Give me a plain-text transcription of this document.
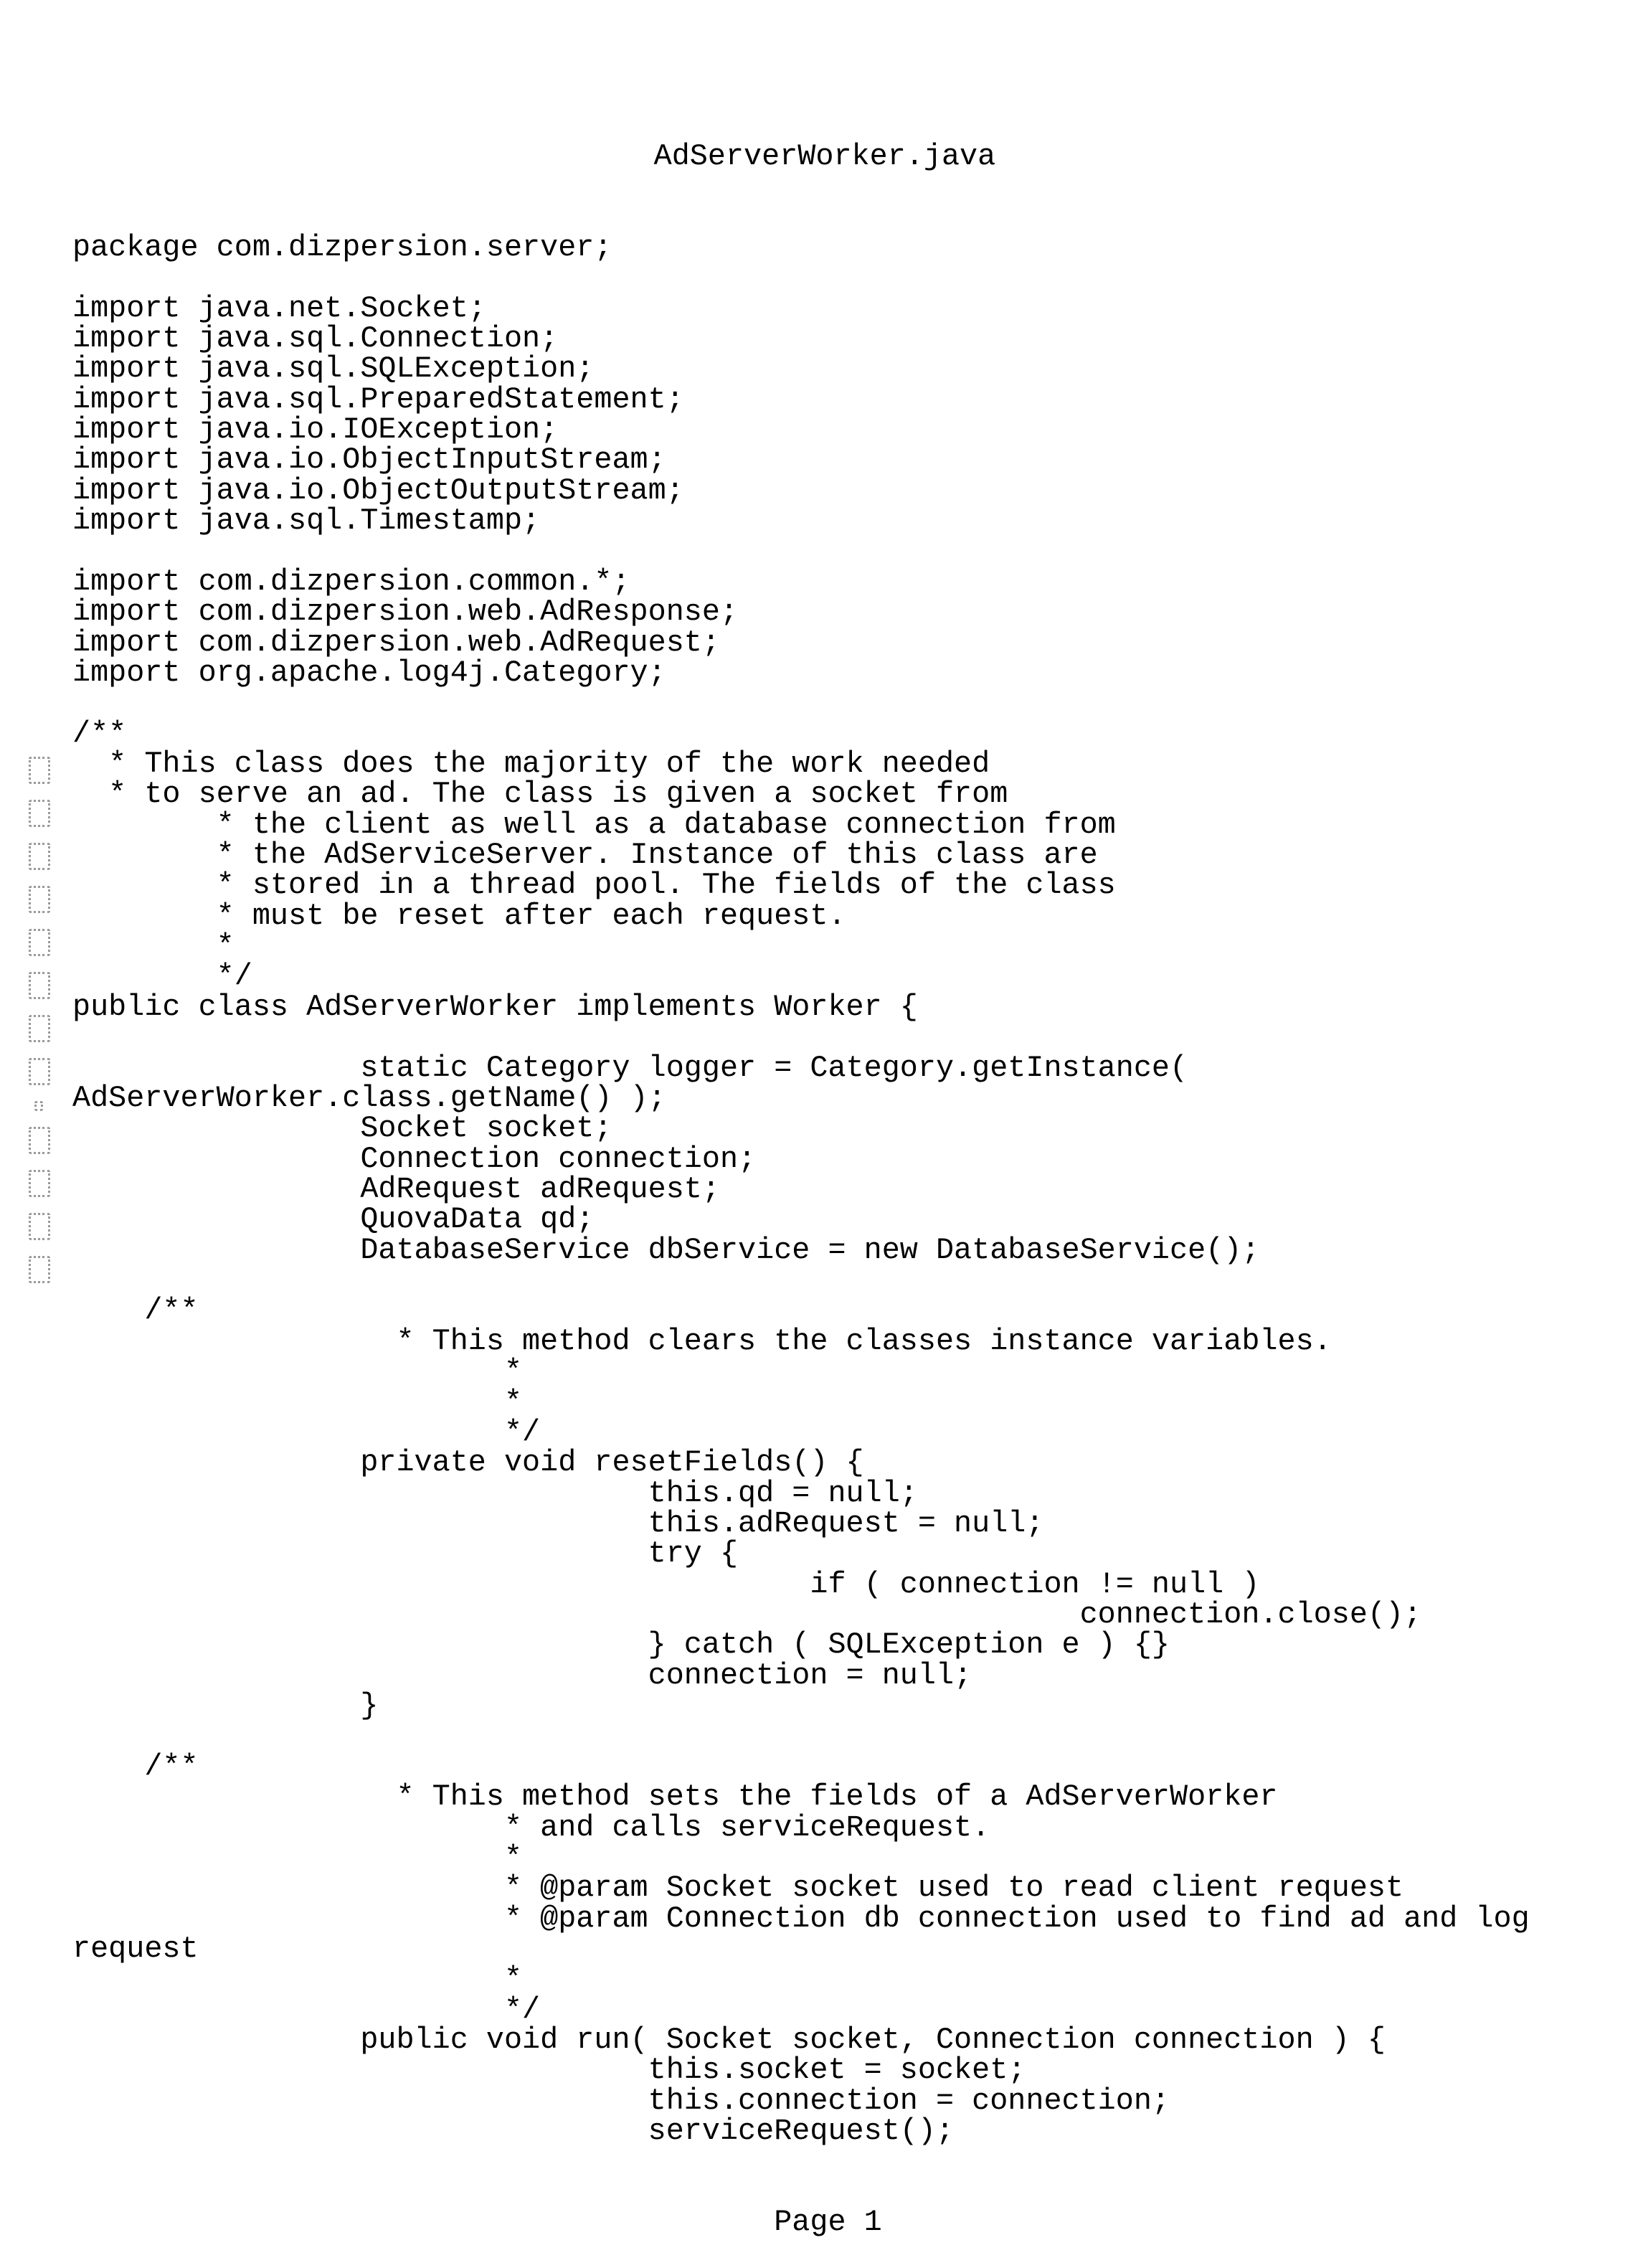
AdServerWorker.java

package com.dizpersion.server;
import java.net.Socket;
import java.sql.Connection;
import java.sql.SQLException;
import java.sql.PreparedStatement;
import java.io.IOException;
import java.io.ObjectInputStream;
import java.io.ObjectOutputStream;
import java.sql.Timestamp;
import com.dizpersion.common.*;
import com.dizpersion.web.AdResponse;
import com.dizpersion.web.AdRequest;
import org.apache.log4j.Category;
/**
* This class does the majority of the work needed
* to serve an ad. The class is given a socket from
* the client as well as a database connection from
* the AdServiceServer. Instance of this class are
* stored in a thread pool. The fields of the class
* must be reset after each request.
*
*/
public class AdServerWorker implements Worker {
static Category logger = Category.getInstance(
AdServerWorker.class.getName() );
Socket socket;
Connection connection;
AdRequest adRequest;
QuovaData qd;
DatabaseService dbService = new DatabaseService();
/**
* This method clears the classes instance variables.
*
*
*/
private void resetFields() {
this.qd = null;
this.adRequest = null;
try {
if ( connection != null )
connection.close();
} catch ( SQLException e ) {}
connection = null;
}
/**
* This method sets the fields of a AdServerWorker
* and calls serviceRequest.
*
* @param Socket socket used to read client request
* @param Connection db connection used to find ad and log
request
*
*/
public void run( Socket socket, Connection connection ) {
this.socket = socket;
this.connection = connection;
serviceRequest();

Page 1
